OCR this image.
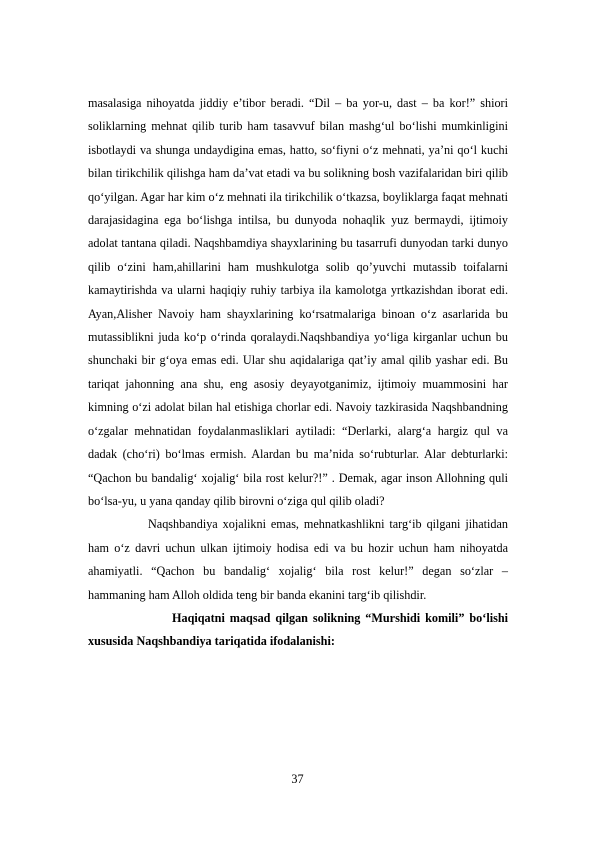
masalasiga nihoyatda jiddiy e’tibor beradi. “Dil – ba yor-u, dast – ba kor!” shiori soliklarning mehnat qilib turib ham tasavvuf bilan mashg‘ul bo‘lishi mumkinligini isbotlaydi va shunga undaydigina emas, hatto, so‘fiyni o‘z mehnati, ya’ni qo‘l kuchi bilan tirikchilik qilishga ham da’vat etadi va bu solikning bosh vazifalaridan biri qilib qo‘yilgan. Agar har kim o‘z mehnati ila tirikchilik o‘tkazsa, boyliklarga faqat mehnati darajasidagina ega bo‘lishga intilsa, bu dunyoda nohaqlik yuz bermaydi, ijtimoiy adolat tantana qiladi. Naqshbamdiya shayxlarining bu tasarrufi dunyodan tarki dunyo qilib o‘zini ham,ahillarini ham mushkulotga solib qo’yuvchi mutassib toifalarni kamaytirishda va ularni haqiqiy ruhiy tarbiya ila kamolotga yrtkazishdan iborat edi. Ayan,Alisher Navoiy ham shayxlarining ko‘rsatmalariga binoan o‘z asarlarida bu mutassiblikni juda ko‘p o‘rinda qoralaydi.Naqshbandiya yo‘liga kirganlar uchun bu shunchaki bir g‘oya emas edi. Ular shu aqidalariga qat’iy amal qilib yashar edi. Bu tariqat jahonning ana shu, eng asosiy deyayotganimiz, ijtimoiy muammosini har kimning o‘zi adolat bilan hal etishiga chorlar edi. Navoiy tazkirasida Naqshbandning o‘zgalar mehnatidan foydalanmasliklari aytiladi: “Derlarki, alarg‘a hargiz qul va dadak (cho‘ri) bo‘lmas ermish. Alardan bu ma’nida so‘rubturlar. Alar debturlarki: “Qachon bu bandalig‘ xojalig‘ bila rost kelur?!” . Demak, agar inson Allohning quli bo‘lsa-yu, u yana qanday qilib birovni o‘ziga qul qilib oladi?

Naqshbandiya xojalikni emas, mehnatkashlikni targ‘ib qilgani jihatidan ham o‘z davri uchun ulkan ijtimoiy hodisa edi va bu hozir uchun ham nihoyatda ahamiyatli. “Qachon bu bandalig‘ xojalig‘ bila rost kelur!” degan so‘zlar – hammaning ham Alloh oldida teng bir banda ekanini targ‘ib qilishdir.

Haqiqatni maqsad qilgan solikning “Murshidi komili” bo‘lishi xususida Naqshbandiya tariqatida ifodalanishi:

37
